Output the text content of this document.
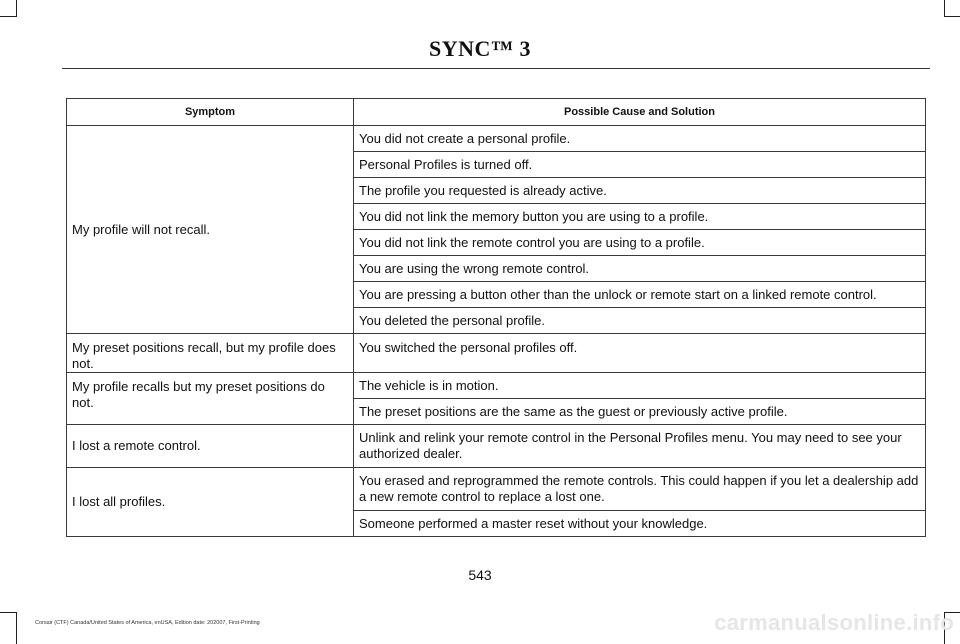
SYNC™ 3
Symptom	Possible Cause and Solution
My profile will not recall.	You did not create a personal profile.
	Personal Profiles is turned off.
	The profile you requested is already active.
	You did not link the memory button you are using to a profile.
	You did not link the remote control you are using to a profile.
	You are using the wrong remote control.
	You are pressing a button other than the unlock or remote start on a linked remote control.
	You deleted the personal profile.
My preset positions recall, but my profile does not.	You switched the personal profiles off.
My profile recalls but my preset positions do not.	The vehicle is in motion.
	The preset positions are the same as the guest or previously active profile.
I lost a remote control.	Unlink and relink your remote control in the Personal Profiles menu. You may need to see your authorized dealer.
I lost all profiles.	You erased and reprogrammed the remote controls. This could happen if you let a dealership add a new remote control to replace a lost one.
	Someone performed a master reset without your knowledge.
543
Corsair (CTF) Canada/United States of America, enUSA, Edition date: 202007, First-Printing	carmanualsonline.info
